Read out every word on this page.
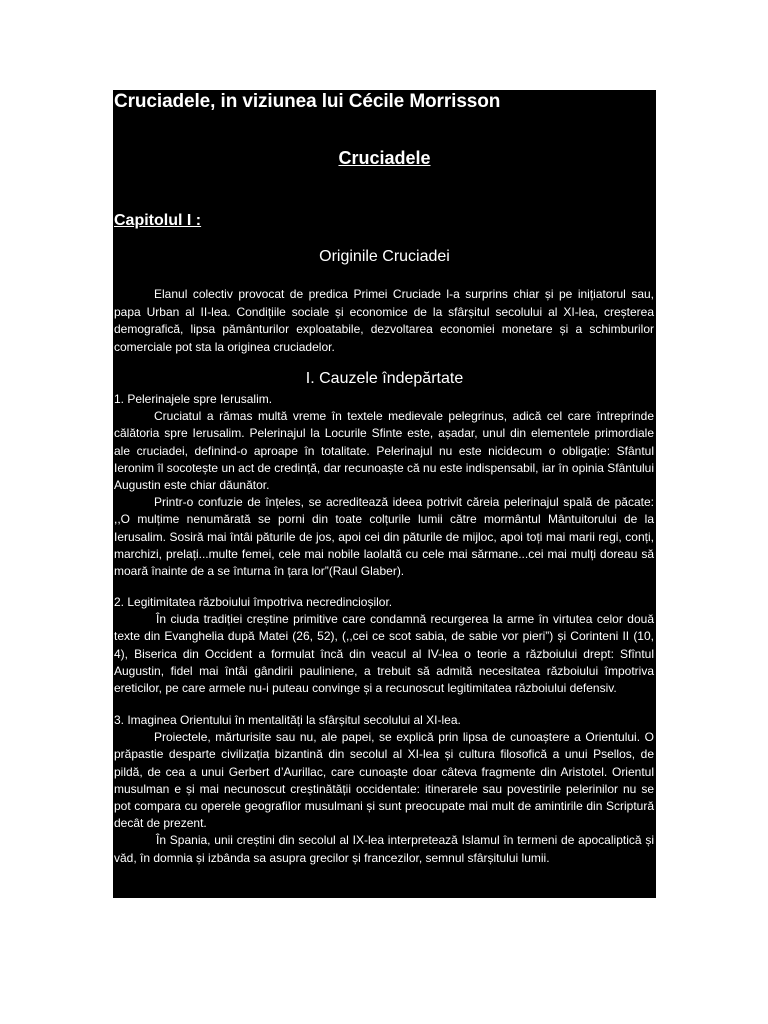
Cruciadele, in viziunea lui Cécile Morrisson
Cruciadele
Capitolul I :
Originile Cruciadei

Elanul colectiv provocat de predica Primei Cruciade l-a surprins chiar și pe inițiatorul sau, papa Urban al II-lea. Condițiile sociale și economice de la sfârșitul secolului al XI-lea, creșterea demografică, lipsa pământurilor exploatabile, dezvoltarea economiei monetare și a schimburilor comerciale pot sta la originea cruciadelor.

I. Cauzele îndepărtate

1. Pelerinajele spre Ierusalim.

Cruciatul a rămas multă vreme în textele medievale pelegrinus, adică cel care întreprinde călătoria spre Ierusalim. Pelerinajul la Locurile Sfinte este, așadar, unul din elementele primordiale ale cruciadei, definind-o aproape în totalitate. Pelerinajul nu este nicidecum o obligație: Sfântul Ieronim îl socotește un act de credință, dar recunoaște că nu este indispensabil, iar în opinia Sfântului Augustin este chiar dăunător.

Printr-o confuzie de înțeles, se acreditează ideea potrivit căreia pelerinajul spală de păcate: ,,O mulțime nenumărată se porni din toate colțurile lumii către mormântul Mântuitorului de la Ierusalim. Sosiră mai întâi păturile de jos, apoi cei din păturile de mijloc, apoi toți mai marii regi, conți, marchizi, prelați...multe femei, cele mai nobile laolaltă cu cele mai sărmane...cei mai mulți doreau să moară înainte de a se înturna în țara lor”(Raul Glaber).

2. Legitimitatea războiului împotriva necredincioșilor.

În ciuda tradiției creștine primitive care condamnă recurgerea la arme în virtutea celor două texte din Evanghelia după Matei (26, 52), (,,cei ce scot sabia, de sabie vor pieri”) și Corinteni II (10, 4), Biserica din Occident a formulat încă din veacul al IV-lea o teorie a războiului drept: Sfîntul Augustin, fidel mai întâi gândirii pauliniene, a trebuit să admită necesitatea războiului împotriva ereticilor, pe care armele nu-i puteau convinge și a recunoscut legitimitatea războiului defensiv.

3. Imaginea Orientului în mentalități la sfârșitul secolului al XI-lea.

Proiectele, mărturisite sau nu, ale papei, se explică prin lipsa de cunoaștere a Orientului. O prăpastie desparte civilizația bizantină din secolul al XI-lea și cultura filosofică a unui Psellos, de pildă, de cea a unui Gerbert d’Aurillac, care cunoaște doar câteva fragmente din Aristotel. Orientul musulman e și mai necunoscut creștinătății occidentale: itinerarele sau povestirile pelerinilor nu se pot compara cu operele geografilor musulmani și sunt preocupate mai mult de amintirile din Scriptură decât de prezent.

În Spania, unii creștini din secolul al IX-lea interpretează Islamul în termeni de apocaliptică și văd, în domnia și izbânda sa asupra grecilor și francezilor, semnul sfârșitului lumii.
